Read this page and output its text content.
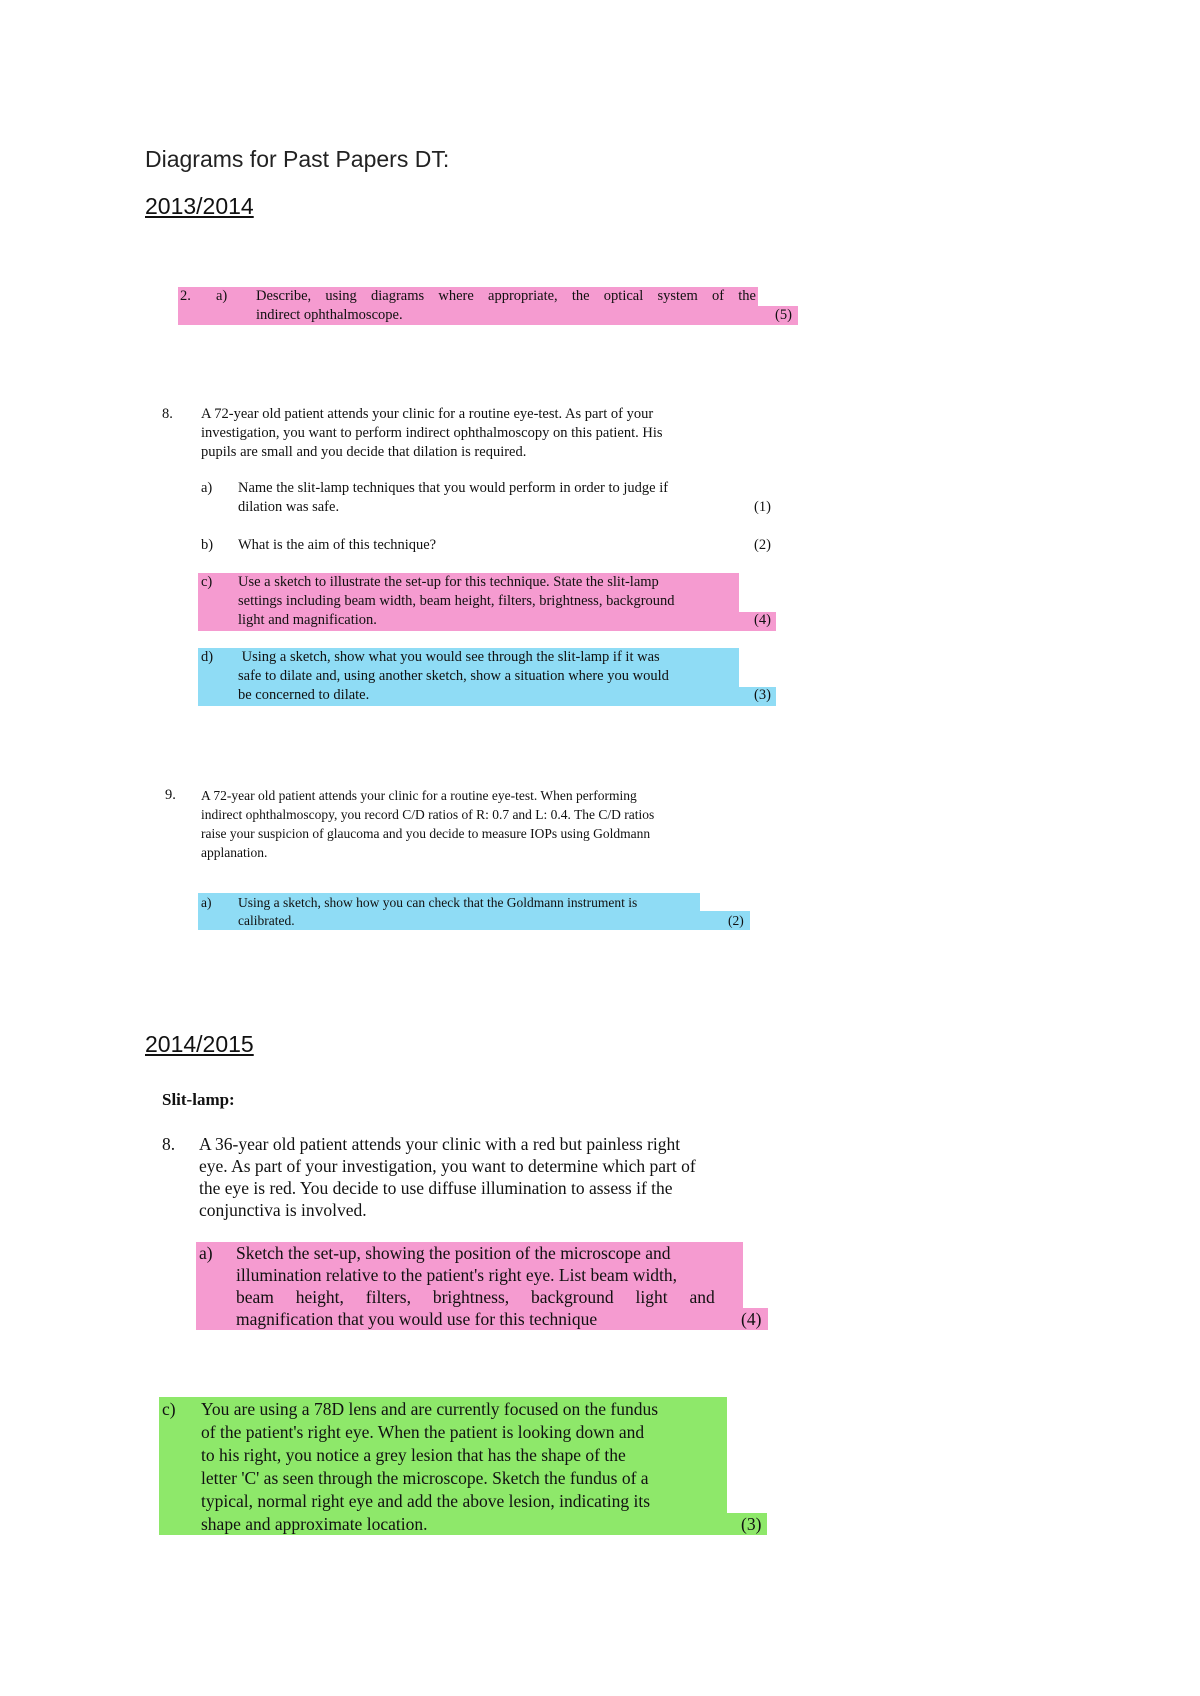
Diagrams for Past Papers DT:
2013/2014
2. a) Describe, using diagrams where appropriate, the optical system of the
indirect ophthalmoscope.	(5)
8. A 72-year old patient attends your clinic for a routine eye-test. As part of your
investigation, you want to perform indirect ophthalmoscopy on this patient. His
pupils are small and you decide that dilation is required.
a) Name the slit-lamp techniques that you would perform in order to judge if
dilation was safe.	(1)
b) What is the aim of this technique?	(2)
c) Use a sketch to illustrate the set-up for this technique. State the slit-lamp
settings including beam width, beam height, filters, brightness, background
light and magnification.	(4)
d) Using a sketch, show what you would see through the slit-lamp if it was
safe to dilate and, using another sketch, show a situation where you would
be concerned to dilate.	(3)
9. A 72-year old patient attends your clinic for a routine eye-test. When performing
indirect ophthalmoscopy, you record C/D ratios of R: 0.7 and L: 0.4. The C/D ratios
raise your suspicion of glaucoma and you decide to measure IOPs using Goldmann
applanation.
a) Using a sketch, show how you can check that the Goldmann instrument is
calibrated.	(2)
2014/2015
Slit-lamp:
8. A 36-year old patient attends your clinic with a red but painless right
eye. As part of your investigation, you want to determine which part of
the eye is red. You decide to use diffuse illumination to assess if the
conjunctiva is involved.
a) Sketch the set-up, showing the position of the microscope and
illumination relative to the patient's right eye. List beam width,
beam     height,     filters,     brightness,     background     light     and
magnification that you would use for this technique	(4)
c) You are using a 78D lens and are currently focused on the fundus
of the patient's right eye. When the patient is looking down and
to his right, you notice a grey lesion that has the shape of the
letter 'C' as seen through the microscope. Sketch the fundus of a
typical, normal right eye and add the above lesion, indicating its
shape and approximate location.	(3)
